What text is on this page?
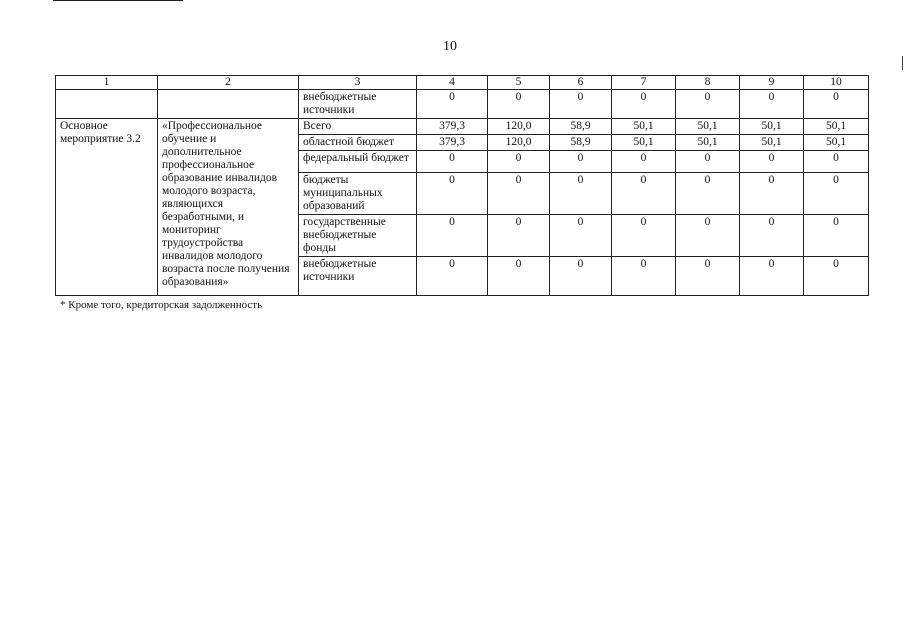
10
1	2	3	4	5	6	7	8	9	10
		внебюджетные источники	0	0	0	0	0	0	0
Основное мероприятие 3.2	«Профессиональное обучение и дополнительное профессиональное образование инвалидов молодого возраста, являющихся безработными, и мониторинг трудоустройства инвалидов молодого возраста после получения образования»	Всего	379,3	120,0	58,9	50,1	50,1	50,1	50,1
		областной бюджет	379,3	120,0	58,9	50,1	50,1	50,1	50,1
		федеральный бюджет	0	0	0	0	0	0	0
		бюджеты муниципальных образований	0	0	0	0	0	0	0
		государственные внебюджетные фонды	0	0	0	0	0	0	0
		внебюджетные источники	0	0	0	0	0	0	0
* Кроме того, кредиторская задолженность
